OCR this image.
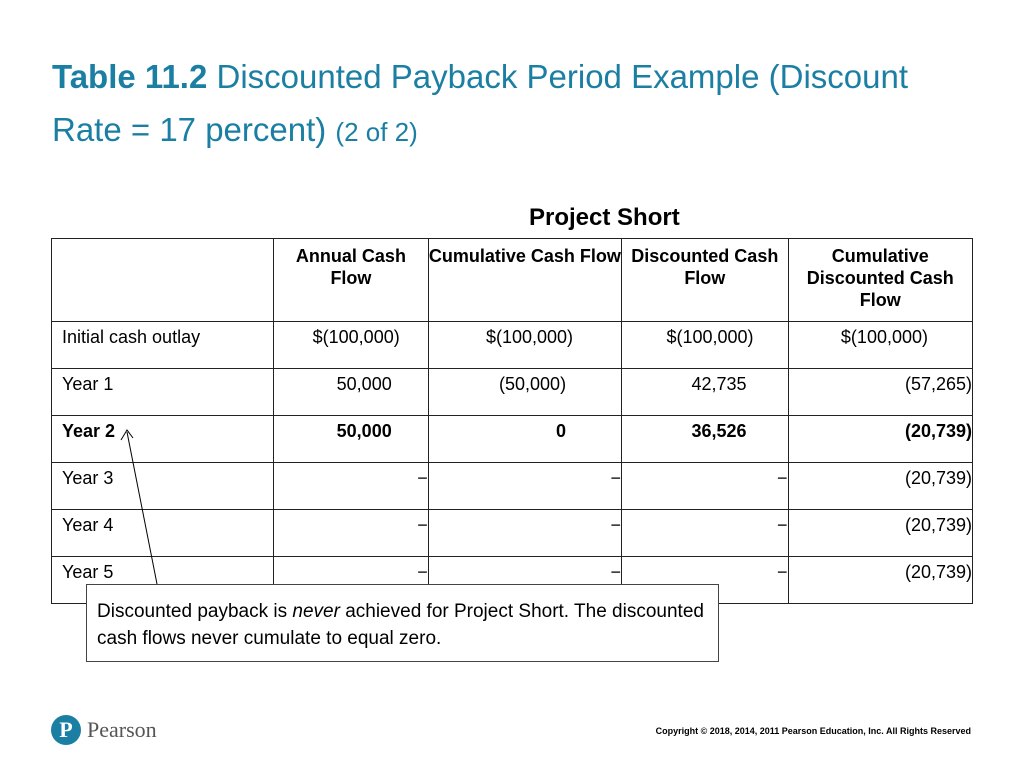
Table 11.2 Discounted Payback Period Example (Discount Rate = 17 percent) (2 of 2)
Project Short
	Annual Cash Flow	Cumulative Cash Flow	Discounted Cash Flow	Cumulative Discounted Cash Flow
Initial cash outlay	$(100,000)	$(100,000)	$(100,000)	$(100,000)
Year 1	50,000	(50,000)	42,735	(57,265)
Year 2	50,000	0	36,526	(20,739)
Year 3	−	−	−	(20,739)
Year 4	−	−	−	(20,739)
Year 5	−	−	−	(20,739)
Discounted payback is never achieved for Project Short. The discounted cash flows never cumulate to equal zero.
P Pearson	Copyright © 2018, 2014, 2011 Pearson Education, Inc. All Rights Reserved
